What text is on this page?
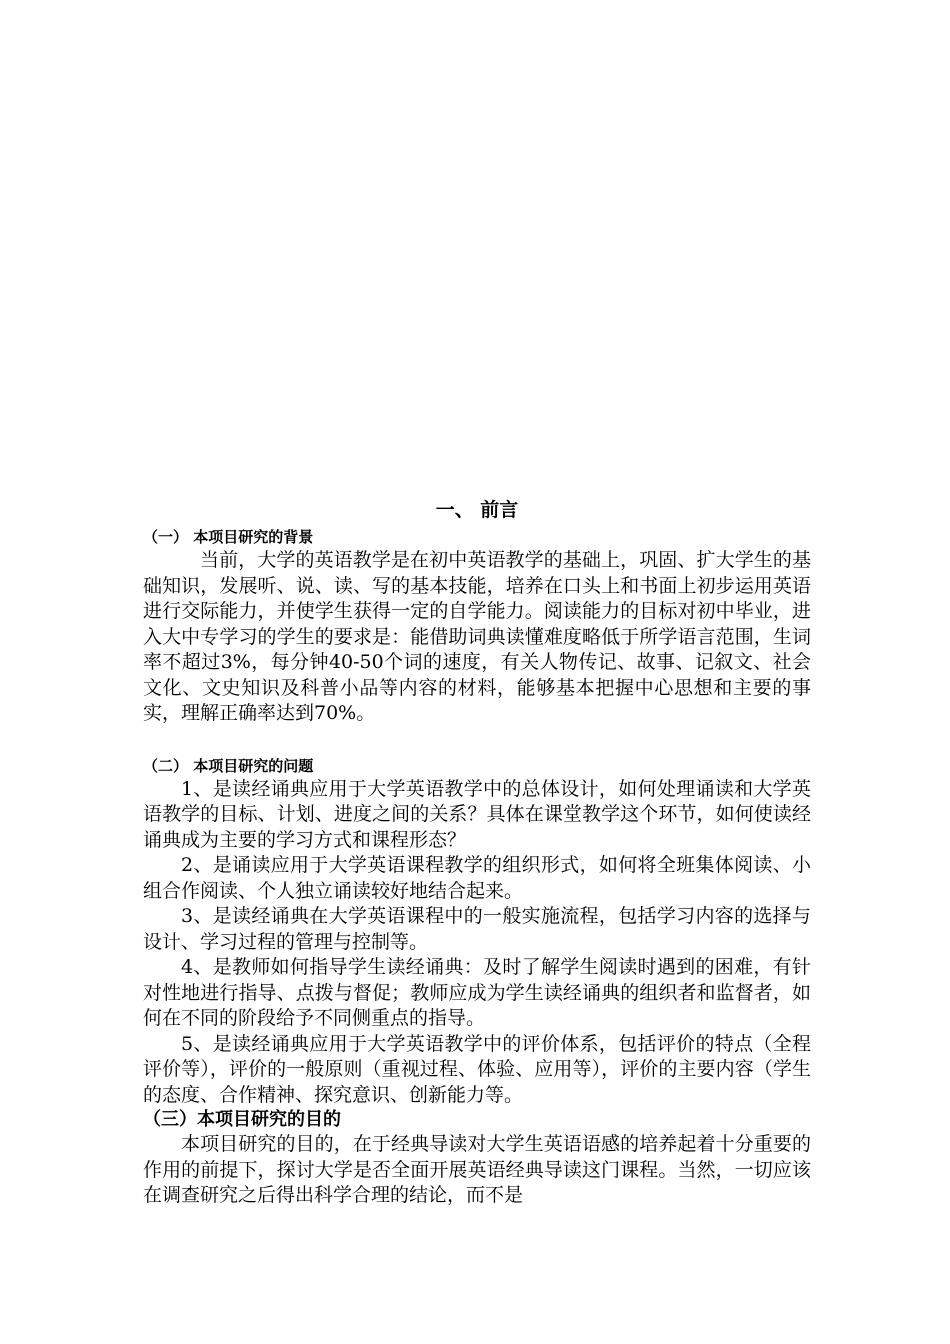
一、 前言
（一） 本项目研究的背景

当前，大学的英语教学是在初中英语教学的基础上，巩固、扩大学生的基础知识，发展听、说、读、写的基本技能，培养在口头上和书面上初步运用英语进行交际能力，并使学生获得一定的自学能力。阅读能力的目标对初中毕业，进入大中专学习的学生的要求是：能借助词典读懂难度略低于所学语言范围，生词率不超过3%，每分钟40-50个词的速度，有关人物传记、故事、记叙文、社会文化、文史知识及科普小品等内容的材料，能够基本把握中心思想和主要的事实，理解正确率达到70%。

（二） 本项目研究的问题

1、是读经诵典应用于大学英语教学中的总体设计，如何处理诵读和大学英语教学的目标、计划、进度之间的关系？具体在课堂教学这个环节，如何使读经诵典成为主要的学习方式和课程形态？

2、是诵读应用于大学英语课程教学的组织形式，如何将全班集体阅读、小组合作阅读、个人独立诵读较好地结合起来。

3、是读经诵典在大学英语课程中的一般实施流程，包括学习内容的选择与设计、学习过程的管理与控制等。

4、是教师如何指导学生读经诵典：及时了解学生阅读时遇到的困难，有针对性地进行指导、点拨与督促；教师应成为学生读经诵典的组织者和监督者，如何在不同的阶段给予不同侧重点的指导。

5、是读经诵典应用于大学英语教学中的评价体系，包括评价的特点（全程评价等），评价的一般原则（重视过程、体验、应用等），评价的主要内容（学生的态度、合作精神、探究意识、创新能力等。

（三）本项目研究的目的

本项目研究的目的，在于经典导读对大学生英语语感的培养起着十分重要的作用的前提下，探讨大学是否全面开展英语经典导读这门课程。当然，一切应该在调查研究之后得出科学合理的结论，而不是
